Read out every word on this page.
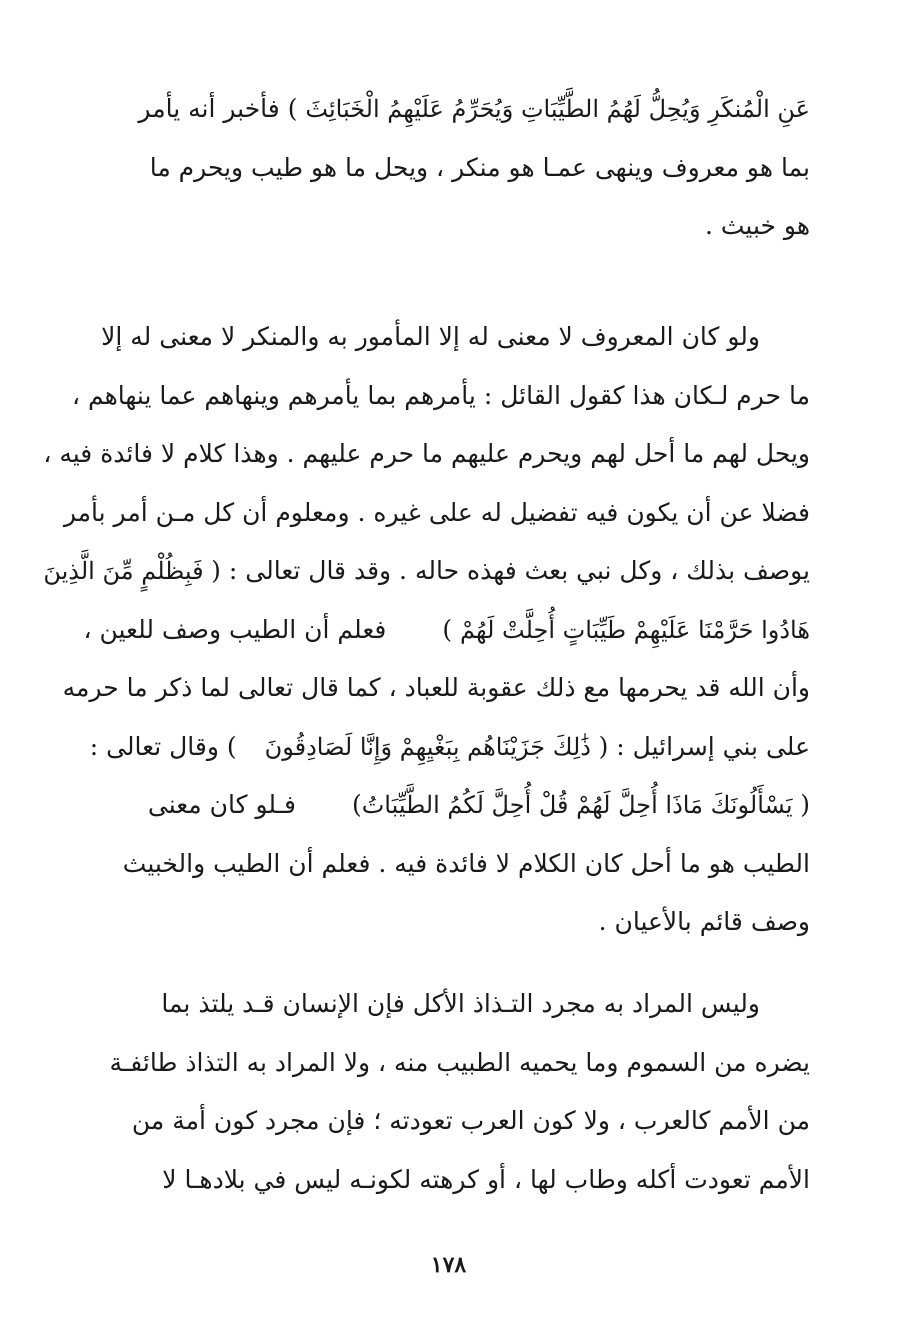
عَنِ الْمُنكَرِ وَيُحِلُّ لَهُمُ الطَّيِّبَاتِ وَيُحَرِّمُ عَلَيْهِمُ الْخَبَائِثَ ) فأخبر أنه يأمر
بما هو معروف وينهى عمـا هو منكر ، ويحل ما هو طيب ويحرم ما
هو خبيث .
  ولو كان المعروف لا معنى له إلا المأمور به والمنكر لا معنى له إلا
ما حرم لـكان هذا كقول القائل : يأمرهم بما يأمرهم وينهاهم عما ينهاهم ،
ويحل لهم ما أحل لهم ويحرم عليهم ما حرم عليهم . وهذا كلام لا فائدة فيه ،
فضلا عن أن يكون فيه تفضيل له على غيره . ومعلوم أن كل مـن أمر بأمر
يوصف بذلك ، وكل نبي بعث فهذه حاله . وقد قال تعالى : ( فَبِظُلْمٍ مِّنَ الَّذِينَ
هَادُوا حَرَّمْنَا عَلَيْهِمْ طَيِّبَاتٍ أُحِلَّتْ لَهُمْ )فعلم أن الطيب وصف للعين ،
وأن الله قد يحرمها مع ذلك عقوبة للعباد ، كما قال تعالى لما ذكر ما حرمه
على بني إسرائيل : ( ذَٰلِكَ جَزَيْنَاهُم بِبَغْيِهِمْ وَإِنَّا لَصَادِقُونَ) وقال تعالى :
( يَسْأَلُونَكَ مَاذَا أُحِلَّ لَهُمْ قُلْ أُحِلَّ لَكُمُ الطَّيِّبَاتُ)فـلو كان معنى
الطيب هو ما أحل كان الكلام لا فائدة فيه . فعلم أن الطيب والخبيث
وصف قائم بالأعيان .
  وليس المراد به مجرد التـذاذ الأكل فإن الإنسان قـد يلتذ بما
يضره من السموم وما يحميه الطبيب منه ، ولا المراد به التذاذ طائفـة
من الأمم كالعرب ، ولا كون العرب تعودته ؛ فإن مجرد كون أمة من
الأمم تعودت أكله وطاب لها ، أو كرهته لكونـه ليس في بلادهـا لا
١٧٨
